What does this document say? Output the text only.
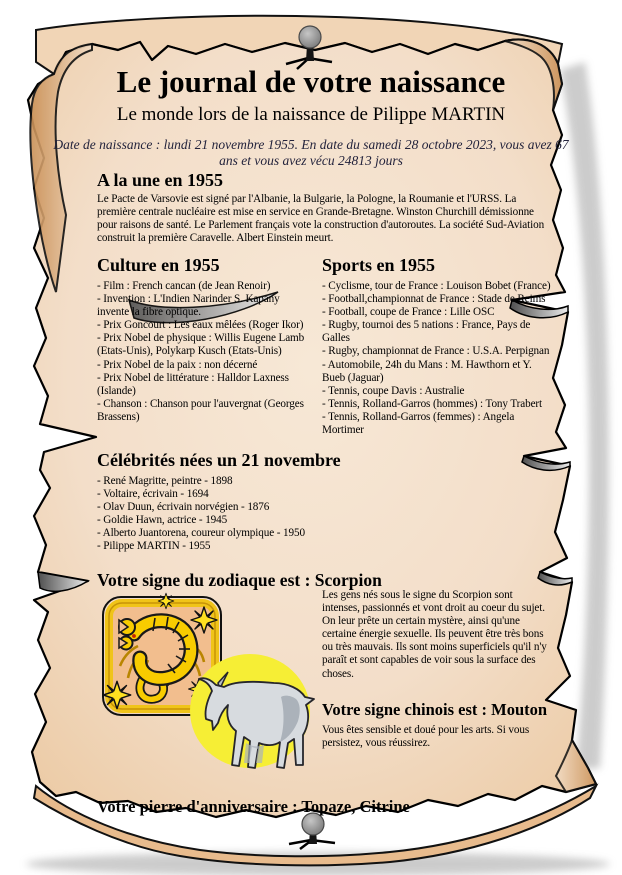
Le journal de votre naissance
Le monde lors de la naissance de Pilippe MARTIN
Date de naissance : lundi 21 novembre 1955. En date du samedi 28 octobre 2023, vous avez 67 ans et vous avez vécu 24813 jours
A la une en 1955
Le Pacte de Varsovie est signé par l'Albanie, la Bulgarie, la Pologne, la Roumanie et l'URSS. La première centrale nucléaire est mise en service en Grande-Bretagne. Winston Churchill démissionne pour raisons de santé. Le Parlement français vote la construction d'autoroutes. La société Sud-Aviation construit la première Caravelle. Albert Einstein meurt.
Culture en 1955
- Film : French cancan (de Jean Renoir)
- Invention : L'Indien Narinder S. Kapany invente la fibre optique.
- Prix Goncourt : Les eaux mêlées (Roger Ikor)
- Prix Nobel de physique : Willis Eugene Lamb (Etats-Unis), Polykarp Kusch (Etats-Unis)
- Prix Nobel de la paix : non décerné
- Prix Nobel de littérature : Halldor Laxness (Islande)
- Chanson : Chanson pour l'auvergnat (Georges Brassens)
Sports en 1955
- Cyclisme, tour de France : Louison Bobet (France)
- Football,championnat de France : Stade de Reims
- Football, coupe de France : Lille OSC
- Rugby, tournoi des 5 nations : France, Pays de Galles
- Rugby, championnat de France : U.S.A. Perpignan
- Automobile, 24h du Mans : M. Hawthorn et Y. Bueb (Jaguar)
- Tennis, coupe Davis : Australie
- Tennis, Rolland-Garros (hommes) : Tony Trabert
- Tennis, Rolland-Garros (femmes) : Angela Mortimer
Célébrités nées un 21 novembre
- René Magritte, peintre - 1898
- Voltaire, écrivain - 1694
- Olav Duun, écrivain norvégien - 1876
- Goldie Hawn, actrice - 1945
- Alberto Juantorena, coureur olympique - 1950
- Pilippe MARTIN - 1955
Votre signe du zodiaque est : Scorpion
Les gens nés sous le signe du Scorpion sont intenses, passionnés et vont droit au coeur du sujet. On leur prête un certain mystère, ainsi qu'une certaine énergie sexuelle. Ils peuvent être très bons ou très mauvais. Ils sont moins superficiels qu'il n'y paraît et sont capables de voir sous la surface des choses.
Votre signe chinois est : Mouton
Vous êtes sensible et doué pour les arts. Si vous persistez, vous réussirez.
Votre pierre d'anniversaire : Topaze, Citrine
